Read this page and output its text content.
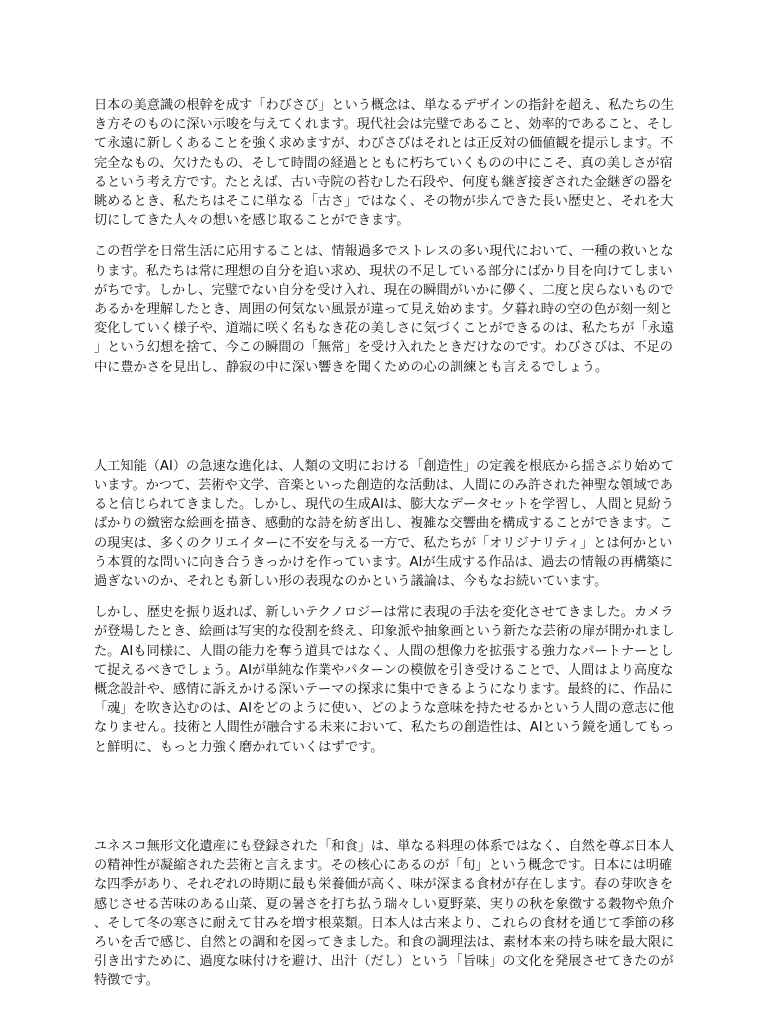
日本の美意識の根幹を成す「わびさび」という概念は、単なるデザインの指針を超え、私たちの生き方そのものに深い示唆を与えてくれます。現代社会は完璧であること、効率的であること、そして永遠に新しくあることを強く求めますが、わびさびはそれとは正反対の価値観を提示します。不完全なもの、欠けたもの、そして時間の経過とともに朽ちていくものの中にこそ、真の美しさが宿るという考え方です。たとえば、古い寺院の苔むした石段や、何度も継ぎ接ぎされた金継ぎの器を眺めるとき、私たちはそこに単なる「古さ」ではなく、その物が歩んできた長い歴史と、それを大切にしてきた人々の想いを感じ取ることができます。

この哲学を日常生活に応用することは、情報過多でストレスの多い現代において、一種の救いとなります。私たちは常に理想の自分を追い求め、現状の不足している部分にばかり目を向けてしまいがちです。しかし、完璧でない自分を受け入れ、現在の瞬間がいかに儚く、二度と戻らないものであるかを理解したとき、周囲の何気ない風景が違って見え始めます。夕暮れ時の空の色が刻一刻と変化していく様子や、道端に咲く名もなき花の美しさに気づくことができるのは、私たちが「永遠」という幻想を捨て、今この瞬間の「無常」を受け入れたときだけなのです。わびさびは、不足の中に豊かさを見出し、静寂の中に深い響きを聞くための心の訓練とも言えるでしょう。

人工知能（AI）の急速な進化は、人類の文明における「創造性」の定義を根底から揺さぶり始めています。かつて、芸術や文学、音楽といった創造的な活動は、人間にのみ許された神聖な領域であると信じられてきました。しかし、現代の生成AIは、膨大なデータセットを学習し、人間と見紛うばかりの緻密な絵画を描き、感動的な詩を紡ぎ出し、複雑な交響曲を構成することができます。この現実は、多くのクリエイターに不安を与える一方で、私たちが「オリジナリティ」とは何かという本質的な問いに向き合うきっかけを作っています。AIが生成する作品は、過去の情報の再構築に過ぎないのか、それとも新しい形の表現なのかという議論は、今もなお続いています。

しかし、歴史を振り返れば、新しいテクノロジーは常に表現の手法を変化させてきました。カメラが登場したとき、絵画は写実的な役割を終え、印象派や抽象画という新たな芸術の扉が開かれました。AIも同様に、人間の能力を奪う道具ではなく、人間の想像力を拡張する強力なパートナーとして捉えるべきでしょう。AIが単純な作業やパターンの模倣を引き受けることで、人間はより高度な概念設計や、感情に訴えかける深いテーマの探求に集中できるようになります。最終的に、作品に「魂」を吹き込むのは、AIをどのように使い、どのような意味を持たせるかという人間の意志に他なりません。技術と人間性が融合する未来において、私たちの創造性は、AIという鏡を通してもっと鮮明に、もっと力強く磨かれていくはずです。

ユネスコ無形文化遺産にも登録された「和食」は、単なる料理の体系ではなく、自然を尊ぶ日本人の精神性が凝縮された芸術と言えます。その核心にあるのが「旬」という概念です。日本には明確な四季があり、それぞれの時期に最も栄養価が高く、味が深まる食材が存在します。春の芽吹きを感じさせる苦味のある山菜、夏の暑さを打ち払う瑞々しい夏野菜、実りの秋を象徴する穀物や魚介、そして冬の寒さに耐えて甘みを増す根菜類。日本人は古来より、これらの食材を通じて季節の移ろいを舌で感じ、自然との調和を図ってきました。和食の調理法は、素材本来の持ち味を最大限に引き出すために、過度な味付けを避け、出汁（だし）という「旨味」の文化を発展させてきたのが特徴です。
